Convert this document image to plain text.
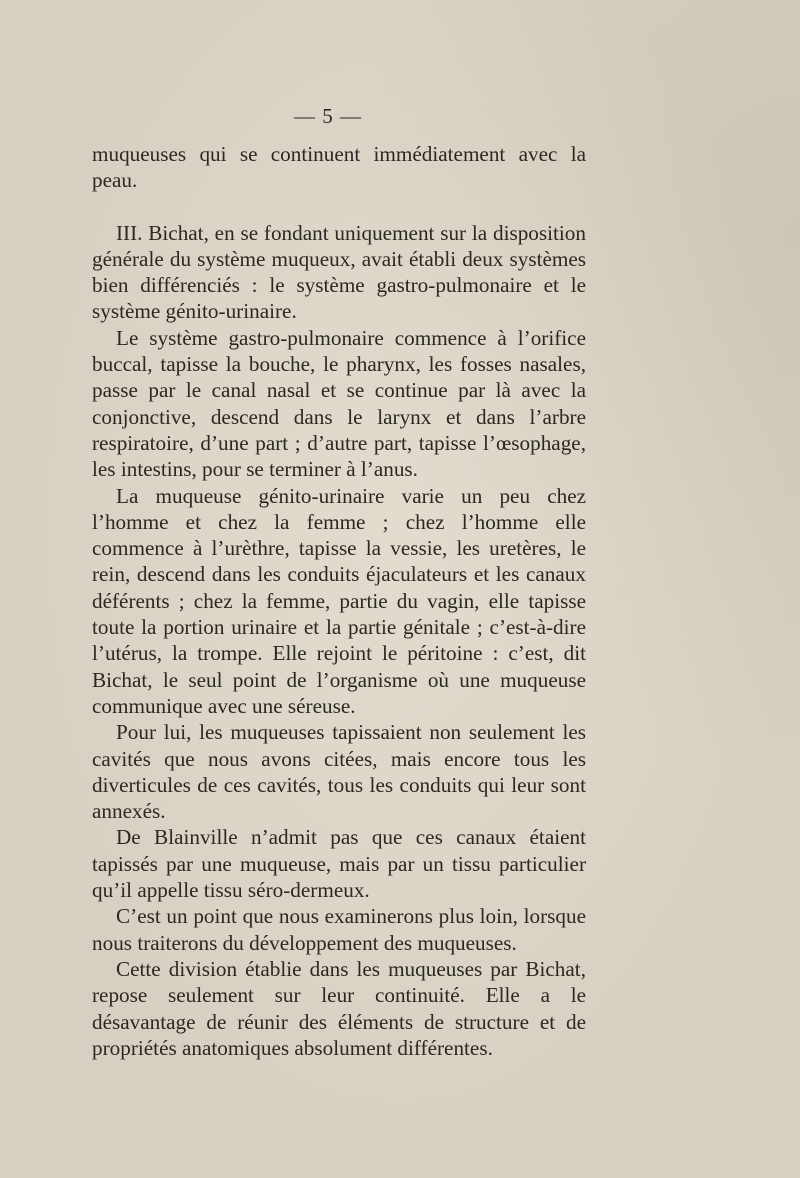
— 5 —

muqueuses qui se continuent immédiatement avec la peau.

III. Bichat, en se fondant uniquement sur la disposition générale du système muqueux, avait établi deux systèmes bien différenciés : le système gastro-pulmonaire et le système génito-urinaire.

Le système gastro-pulmonaire commence à l’orifice buccal, tapisse la bouche, le pharynx, les fosses nasales, passe par le canal nasal et se continue par là avec la conjonctive, descend dans le larynx et dans l’arbre respiratoire, d’une part ; d’autre part, tapisse l’œsophage, les intestins, pour se terminer à l’anus.

La muqueuse génito-urinaire varie un peu chez l’homme et chez la femme ; chez l’homme elle commence à l’urèthre, tapisse la vessie, les uretères, le rein, descend dans les conduits éjaculateurs et les canaux déférents ; chez la femme, partie du vagin, elle tapisse toute la portion urinaire et la partie génitale ; c’est-à-dire l’utérus, la trompe. Elle rejoint le péritoine : c’est, dit Bichat, le seul point de l’organisme où une muqueuse communique avec une séreuse.

Pour lui, les muqueuses tapissaient non seulement les cavités que nous avons citées, mais encore tous les diverticules de ces cavités, tous les conduits qui leur sont annexés.

De Blainville n’admit pas que ces canaux étaient tapissés par une muqueuse, mais par un tissu particulier qu’il appelle tissu séro-dermeux.

C’est un point que nous examinerons plus loin, lorsque nous traiterons du développement des muqueuses.

Cette division établie dans les muqueuses par Bichat, repose seulement sur leur continuité. Elle a le désavantage de réunir des éléments de structure et de propriétés anatomiques absolument différentes.
